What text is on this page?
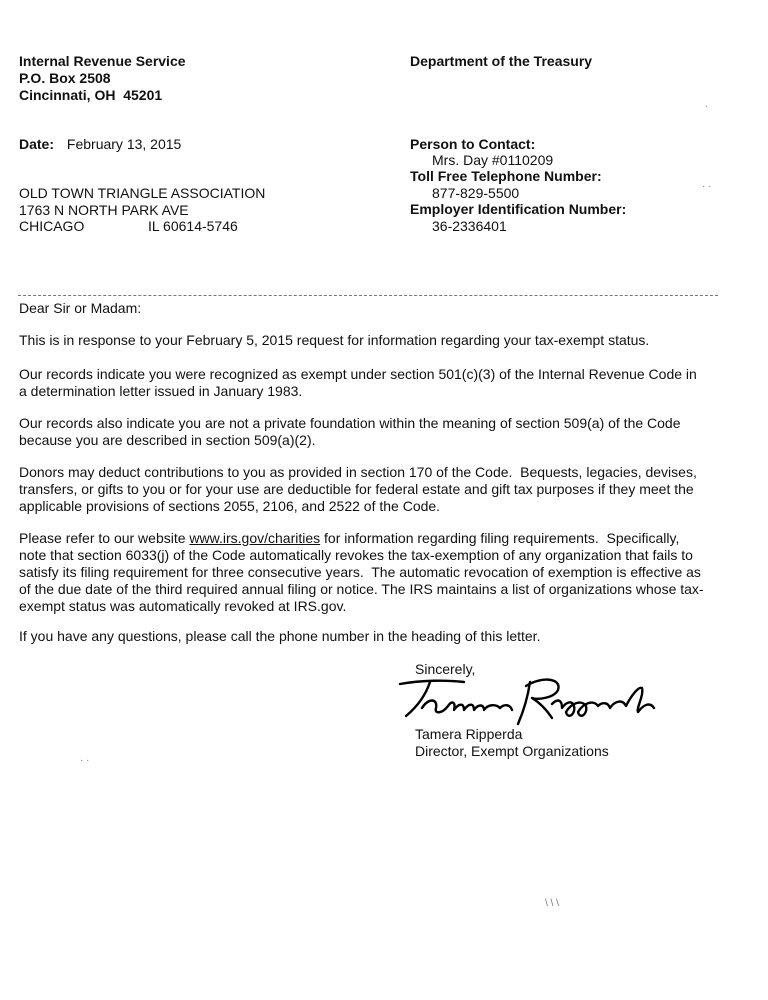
Internal Revenue Service
P.O. Box 2508
Cincinnati, OH  45201
Department of the Treasury
Date: February 13, 2015	Person to Contact:
Mrs. Day #0110209
Toll Free Telephone Number:
877-829-5500
Employer Identification Number:
36-2336401
OLD TOWN TRIANGLE ASSOCIATION
1763 N NORTH PARK AVE
CHICAGO	IL 60614-5746
·
· ·
· ·
\ \ \
Dear Sir or Madam:

This is in response to your February 5, 2015 request for information regarding your tax-exempt status.

Our records indicate you were recognized as exempt under section 501(c)(3) of the Internal Revenue Code in

a determination letter issued in January 1983.

Our records also indicate you are not a private foundation within the meaning of section 509(a) of the Code

because you are described in section 509(a)(2).

Donors may deduct contributions to you as provided in section 170 of the Code.  Bequests, legacies, devises,

transfers, or gifts to you or for your use are deductible for federal estate and gift tax purposes if they meet the

applicable provisions of sections 2055, 2106, and 2522 of the Code.

Please refer to our website www.irs.gov/charities for information regarding filing requirements.  Specifically,

note that section 6033(j) of the Code automatically revokes the tax-exemption of any organization that fails to

satisfy its filing requirement for three consecutive years.  The automatic revocation of exemption is effective as

of the due date of the third required annual filing or notice. The IRS maintains a list of organizations whose tax-

exempt status was automatically revoked at IRS.gov.

If you have any questions, please call the phone number in the heading of this letter.

Sincerely,
Tamera Ripperda
Tamera Ripperda
Director, Exempt Organizations
